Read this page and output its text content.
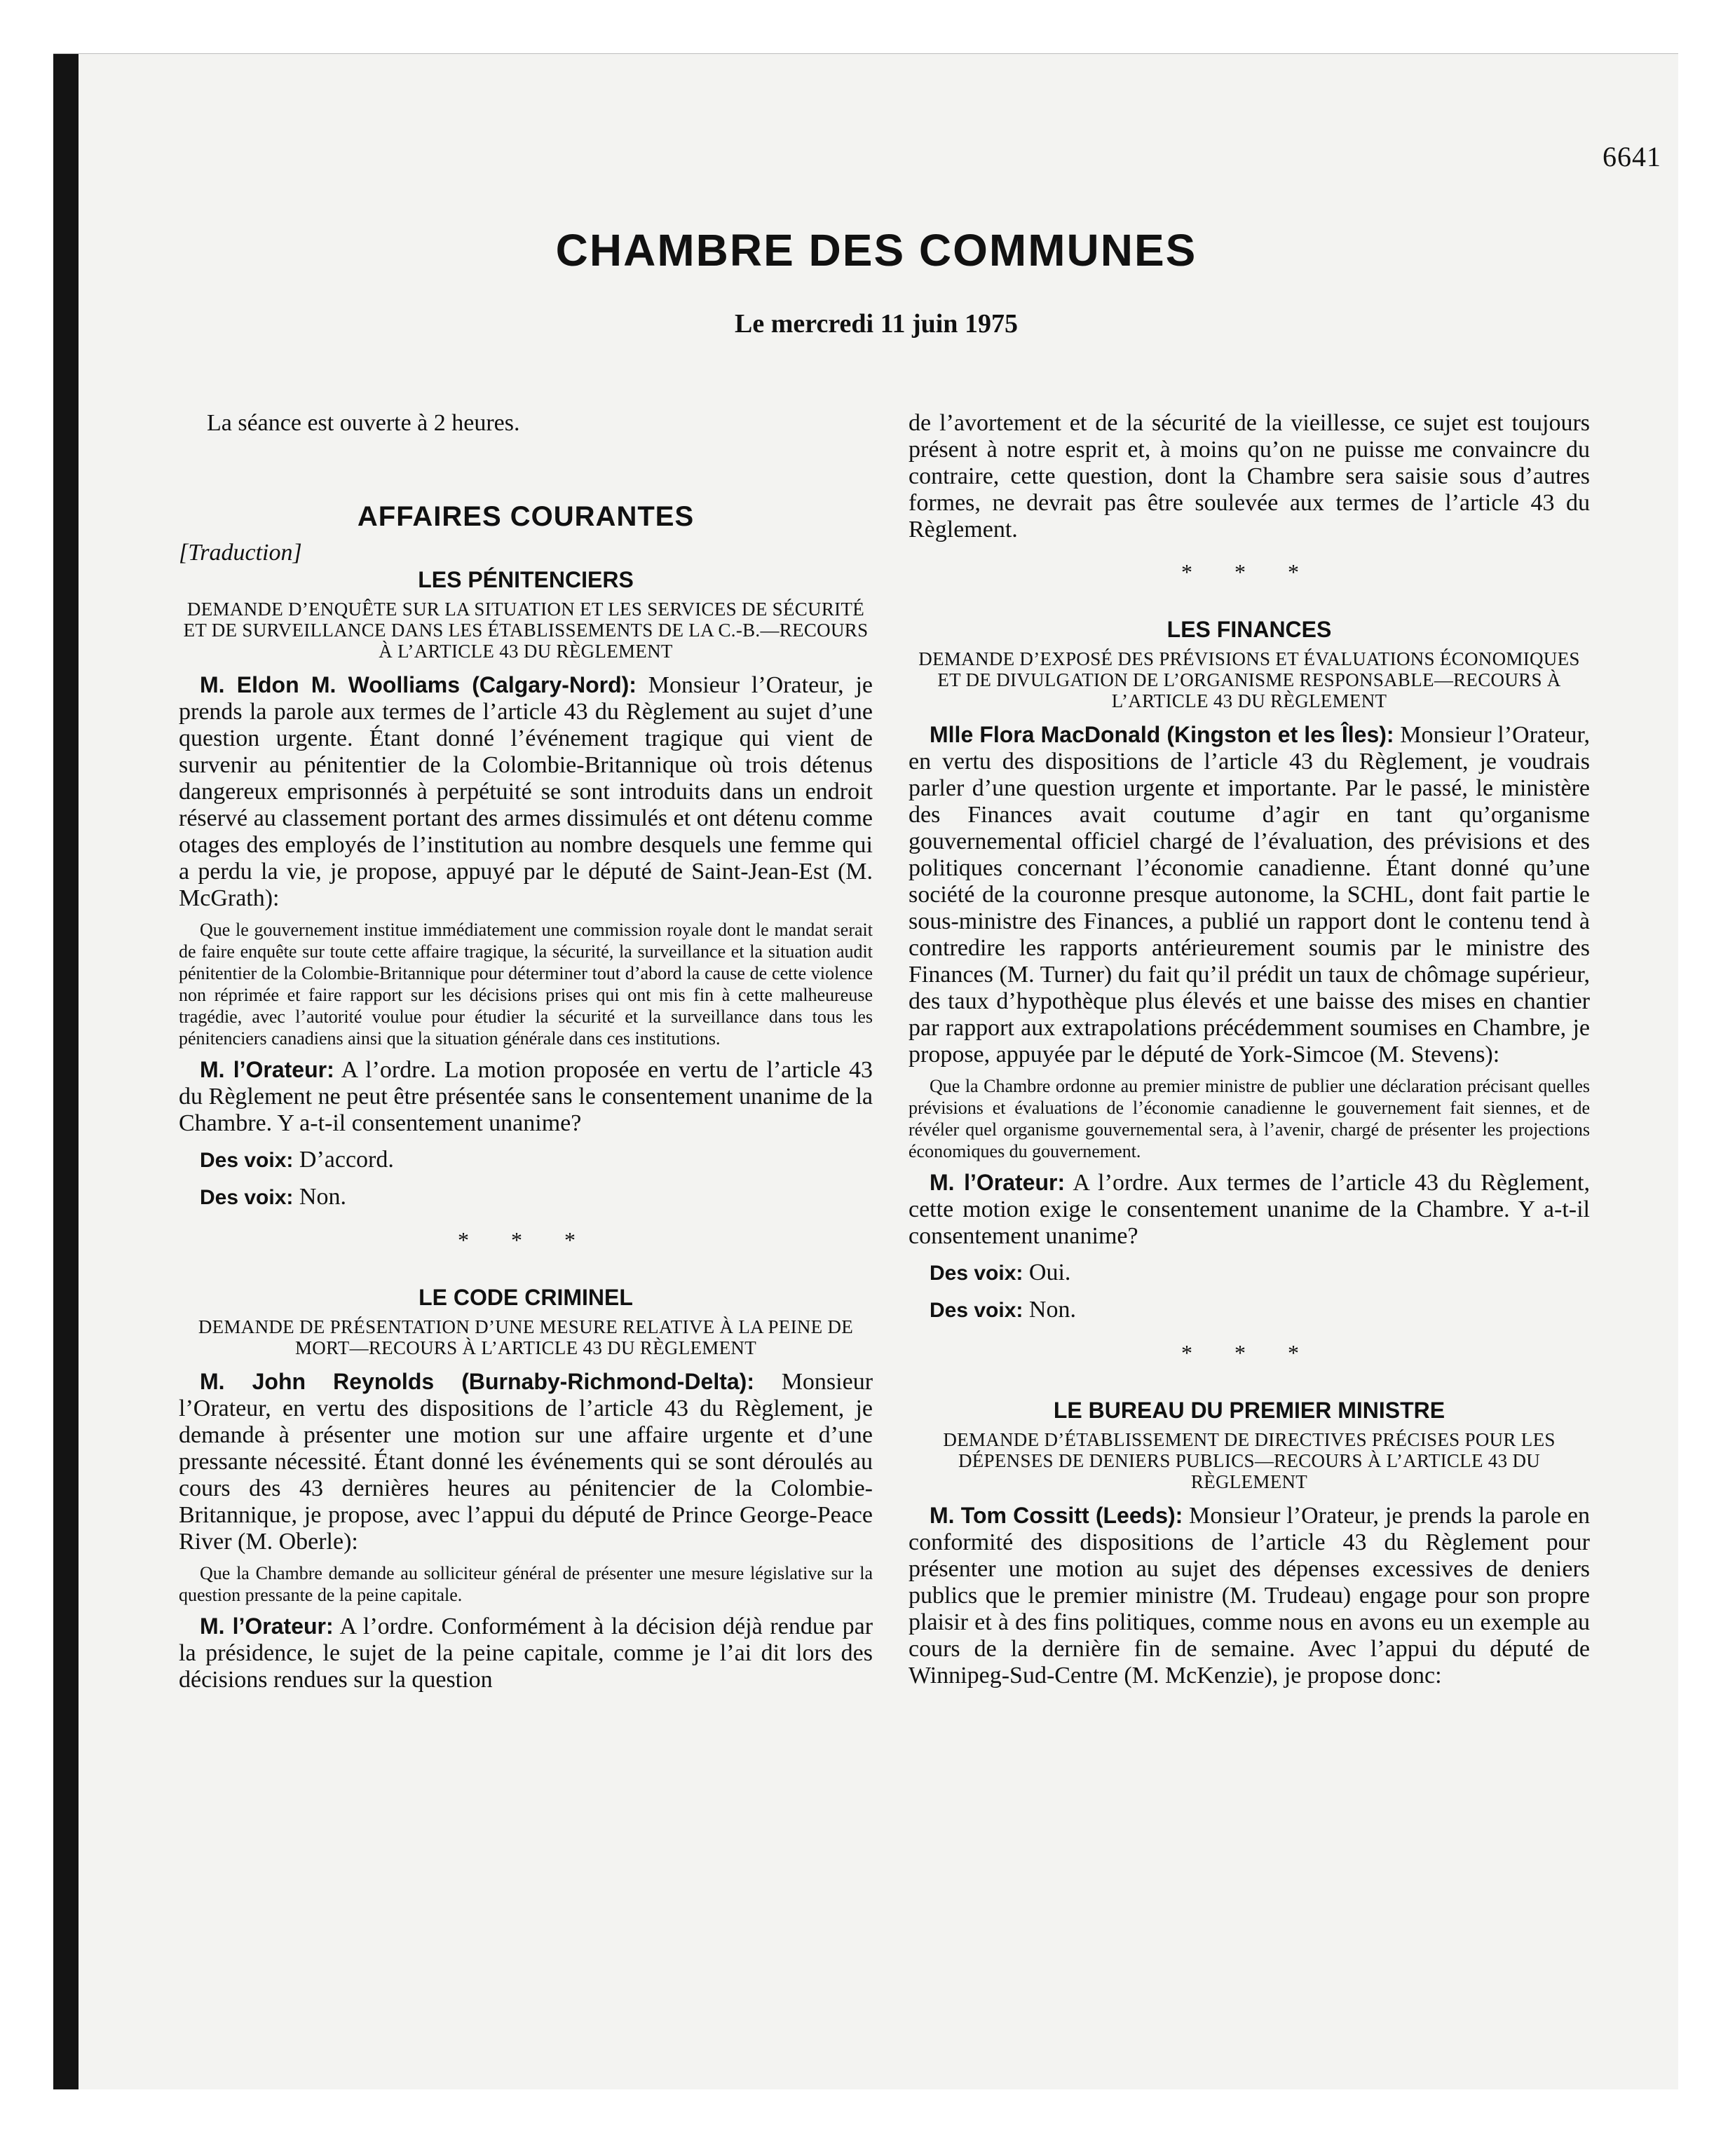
6641
CHAMBRE DES COMMUNES
Le mercredi 11 juin 1975

La séance est ouverte à 2 heures.

AFFAIRES COURANTES

[Traduction]

LES PÉNITENCIERS

DEMANDE D’ENQUÊTE SUR LA SITUATION ET LES SERVICES DE SÉCURITÉ ET DE SURVEILLANCE DANS LES ÉTABLISSEMENTS DE LA C.-B.—RECOURS À L’ARTICLE 43 DU RÈGLEMENT

M. Eldon M. Woolliams (Calgary-Nord): Monsieur l’Orateur, je prends la parole aux termes de l’article 43 du Règlement au sujet d’une question urgente. Étant donné l’événement tragique qui vient de survenir au pénitentier de la Colombie-Britannique où trois détenus dangereux emprisonnés à perpétuité se sont introduits dans un endroit réservé au classement portant des armes dissimulés et ont détenu comme otages des employés de l’institution au nombre desquels une femme qui a perdu la vie, je propose, appuyé par le député de Saint-Jean-Est (M. McGrath):

Que le gouvernement institue immédiatement une commission royale dont le mandat serait de faire enquête sur toute cette affaire tragique, la sécurité, la surveillance et la situation audit pénitentier de la Colombie-Britannique pour déterminer tout d’abord la cause de cette violence non réprimée et faire rapport sur les décisions prises qui ont mis fin à cette malheureuse tragédie, avec l’autorité voulue pour étudier la sécurité et la surveillance dans tous les pénitenciers canadiens ainsi que la situation générale dans ces institutions.

M. l’Orateur: A l’ordre. La motion proposée en vertu de l’article 43 du Règlement ne peut être présentée sans le consentement unanime de la Chambre. Y a-t-il consentement unanime?

Des voix: D’accord.

Des voix: Non.

* * *

LE CODE CRIMINEL

DEMANDE DE PRÉSENTATION D’UNE MESURE RELATIVE À LA PEINE DE MORT—RECOURS À L’ARTICLE 43 DU RÈGLEMENT

M. John Reynolds (Burnaby-Richmond-Delta): Monsieur l’Orateur, en vertu des dispositions de l’article 43 du Règlement, je demande à présenter une motion sur une affaire urgente et d’une pressante nécessité. Étant donné les événements qui se sont déroulés au cours des 43 dernières heures au pénitencier de la Colombie-Britannique, je propose, avec l’appui du député de Prince George-Peace River (M. Oberle):

Que la Chambre demande au solliciteur général de présenter une mesure législative sur la question pressante de la peine capitale.

M. l’Orateur: A l’ordre. Conformément à la décision déjà rendue par la présidence, le sujet de la peine capitale, comme je l’ai dit lors des décisions rendues sur la question

de l’avortement et de la sécurité de la vieillesse, ce sujet est toujours présent à notre esprit et, à moins qu’on ne puisse me convaincre du contraire, cette question, dont la Chambre sera saisie sous d’autres formes, ne devrait pas être soulevée aux termes de l’article 43 du Règlement.

* * *

LES FINANCES

DEMANDE D’EXPOSÉ DES PRÉVISIONS ET ÉVALUATIONS ÉCONOMIQUES ET DE DIVULGATION DE L’ORGANISME RESPONSABLE—RECOURS À L’ARTICLE 43 DU RÈGLEMENT

Mlle Flora MacDonald (Kingston et les Îles): Monsieur l’Orateur, en vertu des dispositions de l’article 43 du Règlement, je voudrais parler d’une question urgente et importante. Par le passé, le ministère des Finances avait coutume d’agir en tant qu’organisme gouvernemental officiel chargé de l’évaluation, des prévisions et des politiques concernant l’économie canadienne. Étant donné qu’une société de la couronne presque autonome, la SCHL, dont fait partie le sous-ministre des Finances, a publié un rapport dont le contenu tend à contredire les rapports antérieurement soumis par le ministre des Finances (M. Turner) du fait qu’il prédit un taux de chômage supérieur, des taux d’hypothèque plus élevés et une baisse des mises en chantier par rapport aux extrapolations précédemment soumises en Chambre, je propose, appuyée par le député de York-Simcoe (M. Stevens):

Que la Chambre ordonne au premier ministre de publier une déclaration précisant quelles prévisions et évaluations de l’économie canadienne le gouvernement fait siennes, et de révéler quel organisme gouvernemental sera, à l’avenir, chargé de présenter les projections économiques du gouvernement.

M. l’Orateur: A l’ordre. Aux termes de l’article 43 du Règlement, cette motion exige le consentement unanime de la Chambre. Y a-t-il consentement unanime?

Des voix: Oui.

Des voix: Non.

* * *

LE BUREAU DU PREMIER MINISTRE

DEMANDE D’ÉTABLISSEMENT DE DIRECTIVES PRÉCISES POUR LES DÉPENSES DE DENIERS PUBLICS—RECOURS À L’ARTICLE 43 DU RÈGLEMENT

M. Tom Cossitt (Leeds): Monsieur l’Orateur, je prends la parole en conformité des dispositions de l’article 43 du Règlement pour présenter une motion au sujet des dépenses excessives de deniers publics que le premier ministre (M. Trudeau) engage pour son propre plaisir et à des fins politiques, comme nous en avons eu un exemple au cours de la dernière fin de semaine. Avec l’appui du député de Winnipeg-Sud-Centre (M. McKenzie), je propose donc:
